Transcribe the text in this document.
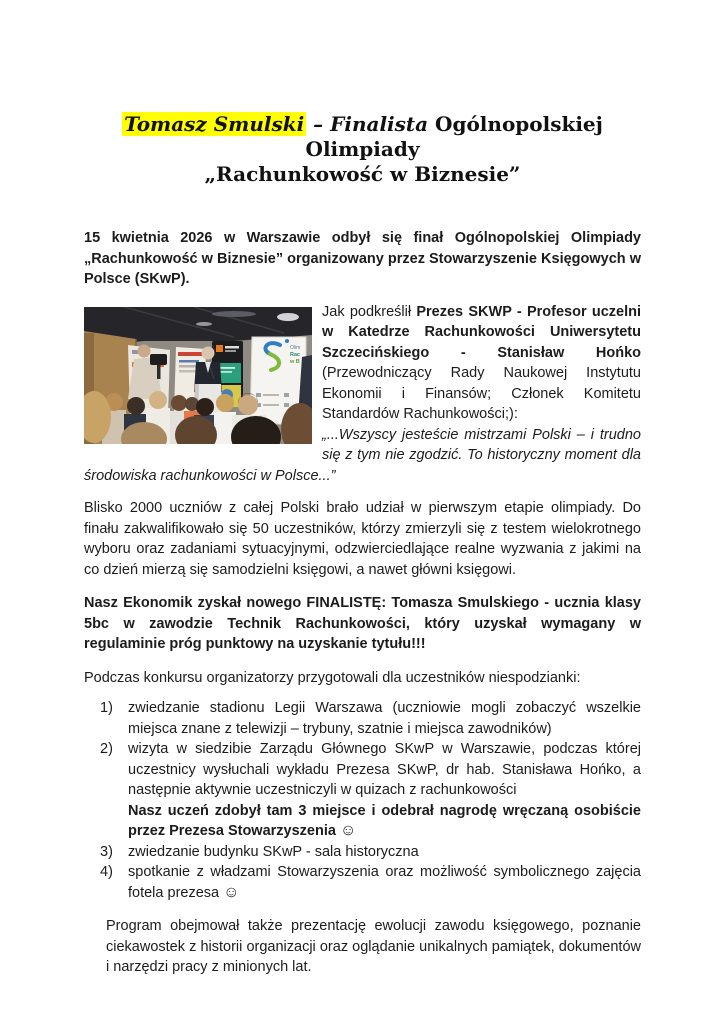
Tomasz Smulski – Finalista Ogólnopolskiej Olimpiady
„Rachunkowość w Biznesie”

15 kwietnia 2026 w Warszawie odbył się finał Ogólnopolskiej Olimpiady „Rachunkowość w Biznesie” organizowany przez Stowarzyszenie Księgowych w Polsce (SKwP).

Olim
Rac
w B

Jak podkreślił Prezes SKWP - Profesor uczelni w Katedrze Rachunkowości Uniwersytetu Szczecińskiego - Stanisław Hońko (Przewodniczący Rady Naukowej Instytutu Ekonomii i Finansów; Członek Komitetu Standardów Rachunkowości;):

„...Wszyscy jesteście mistrzami Polski – i trudno się z tym nie zgodzić. To historyczny moment dla środowiska rachunkowości w Polsce...”

Blisko 2000 uczniów z całej Polski brało udział w pierwszym etapie olimpiady. Do finału zakwalifikowało się 50 uczestników, którzy zmierzyli się z testem wielokrotnego wyboru oraz zadaniami sytuacyjnymi, odzwierciedlające realne wyzwania z jakimi na co dzień mierzą się samodzielni księgowi, a nawet główni księgowi.

Nasz Ekonomik zyskał nowego FINALISTĘ: Tomasza Smulskiego - ucznia klasy 5bc w zawodzie Technik Rachunkowości, który uzyskał wymagany w regulaminie próg punktowy na uzyskanie tytułu!!!

Podczas konkursu organizatorzy przygotowali dla uczestników niespodzianki:

1)	zwiedzanie stadionu Legii Warszawa (uczniowie mogli zobaczyć wszelkie miejsca znane z telewizji – trybuny, szatnie i miejsca zawodników)

2)	wizyta w siedzibie Zarządu Głównego SKwP w Warszawie, podczas której uczestnicy wysłuchali wykładu Prezesa SKwP, dr hab. Stanisława Hońko, a następnie aktywnie uczestniczyli w quizach z rachunkowości

Nasz uczeń zdobył tam 3 miejsce i odebrał nagrodę wręczaną osobiście przez Prezesa Stowarzyszenia ☺

3)	zwiedzanie budynku SKwP - sala historyczna

4)	spotkanie z władzami Stowarzyszenia oraz możliwość symbolicznego zajęcia fotela prezesa ☺

Program obejmował także prezentację ewolucji zawodu księgowego, poznanie ciekawostek z historii organizacji oraz oglądanie unikalnych pamiątek, dokumentów i narzędzi pracy z minionych lat.
